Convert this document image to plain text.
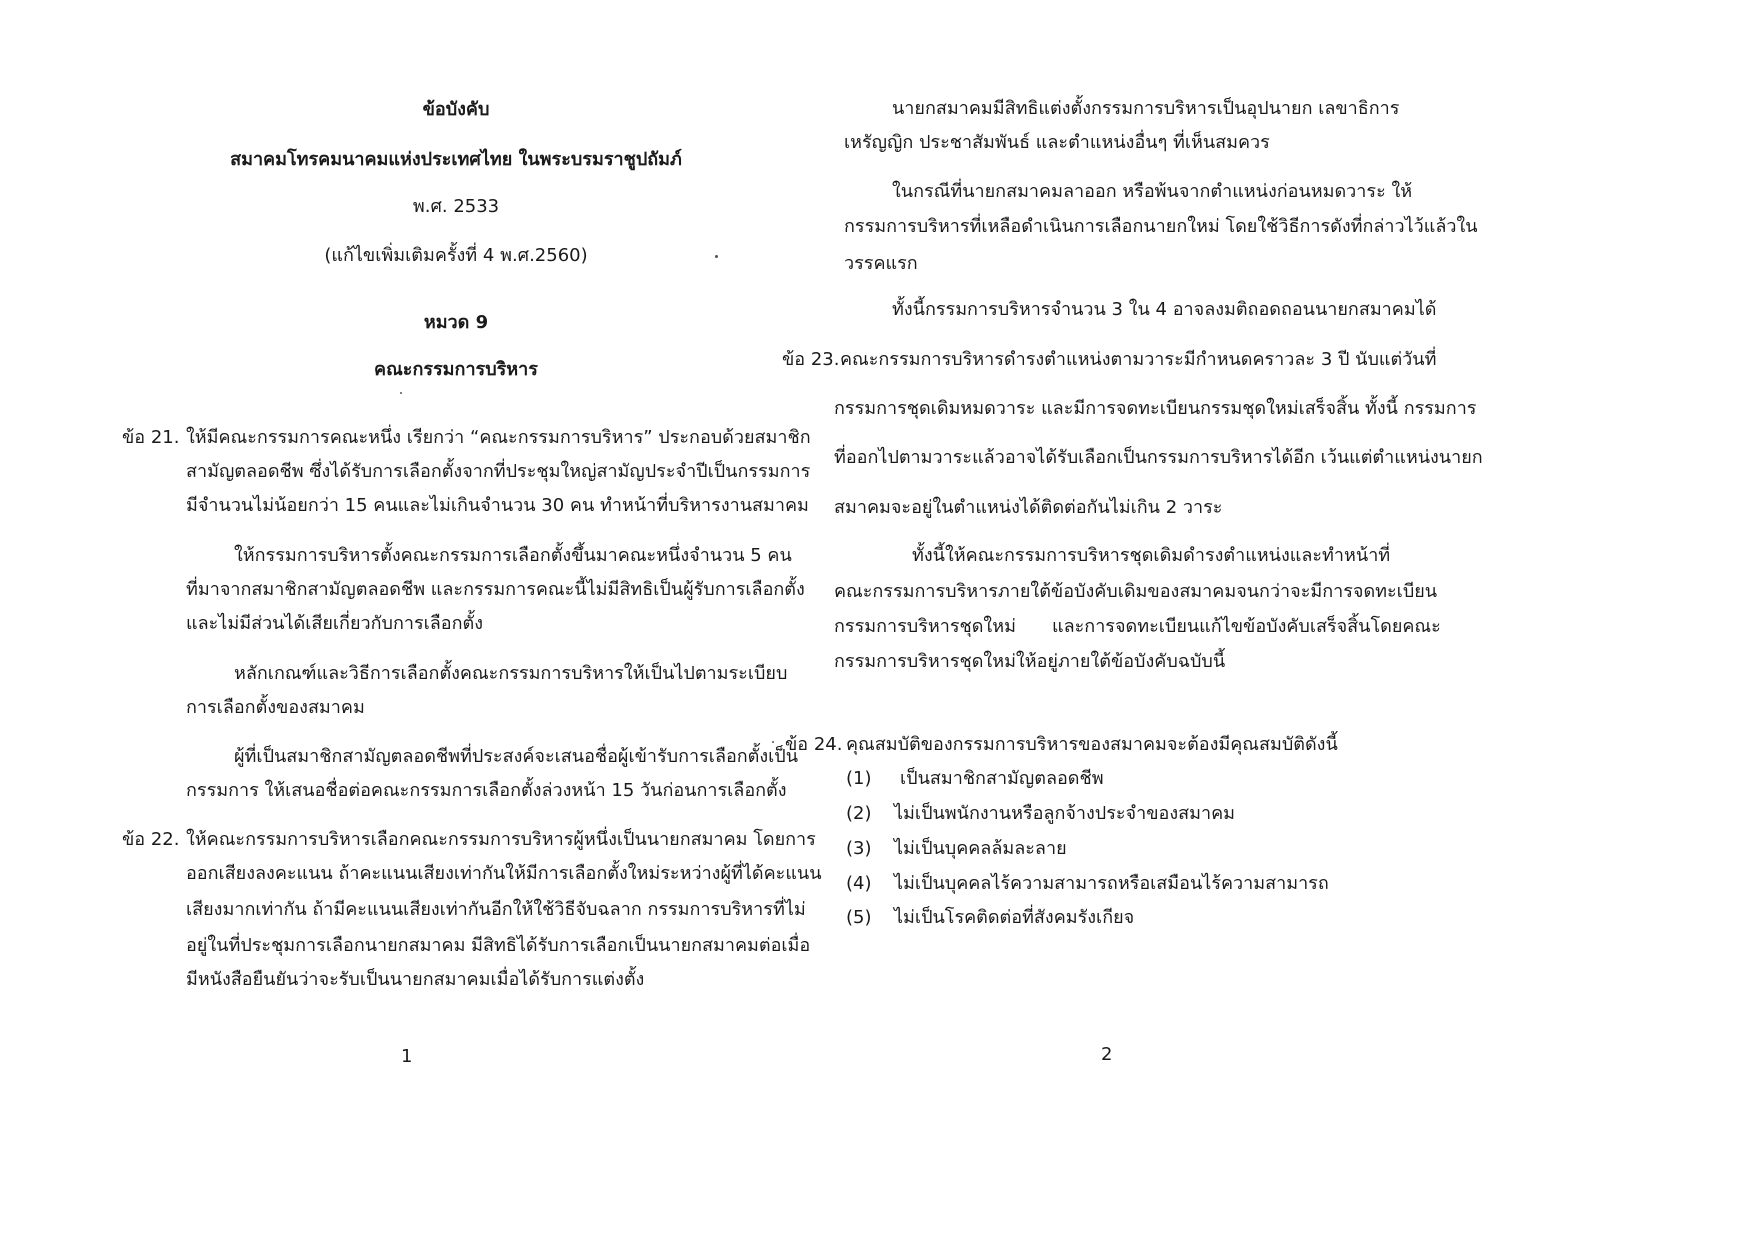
ข้อบังคับ
สมาคมโทรคมนาคมแห่งประเทศไทย ในพระบรมราชูปถัมภ์
พ.ศ. 2533
(แก้ไขเพิ่มเติมครั้งที่ 4 พ.ศ.2560)
หมวด 9
คณะกรรมการบริหาร
ข้อ 21. ให้มีคณะกรรมการคณะหนึ่ง เรียกว่า “คณะกรรมการบริหาร” ประกอบด้วยสมาชิก
สามัญตลอดชีพ ซึ่งได้รับการเลือกตั้งจากที่ประชุมใหญ่สามัญประจำปีเป็นกรรมการ
มีจำนวนไม่น้อยกว่า 15 คนและไม่เกินจำนวน 30 คน ทำหน้าที่บริหารงานสมาคม
ให้กรรมการบริหารตั้งคณะกรรมการเลือกตั้งขึ้นมาคณะหนึ่งจำนวน 5 คน
ที่มาจากสมาชิกสามัญตลอดชีพ และกรรมการคณะนี้ไม่มีสิทธิเป็นผู้รับการเลือกตั้ง
และไม่มีส่วนได้เสียเกี่ยวกับการเลือกตั้ง
หลักเกณฑ์และวิธีการเลือกตั้งคณะกรรมการบริหารให้เป็นไปตามระเบียบ
การเลือกตั้งของสมาคม
ผู้ที่เป็นสมาชิกสามัญตลอดชีพที่ประสงค์จะเสนอชื่อผู้เข้ารับการเลือกตั้งเป็น
กรรมการ ให้เสนอชื่อต่อคณะกรรมการเลือกตั้งล่วงหน้า 15 วันก่อนการเลือกตั้ง
ข้อ 22. ให้คณะกรรมการบริหารเลือกคณะกรรมการบริหารผู้หนึ่งเป็นนายกสมาคม โดยการ
ออกเสียงลงคะแนน ถ้าคะแนนเสียงเท่ากันให้มีการเลือกตั้งใหม่ระหว่างผู้ที่ได้คะแนน
เสียงมากเท่ากัน ถ้ามีคะแนนเสียงเท่ากันอีกให้ใช้วิธีจับฉลาก กรรมการบริหารที่ไม่
อยู่ในที่ประชุมการเลือกนายกสมาคม มีสิทธิได้รับการเลือกเป็นนายกสมาคมต่อเมื่อ
มีหนังสือยืนยันว่าจะรับเป็นนายกสมาคมเมื่อได้รับการแต่งตั้ง
1
นายกสมาคมมีสิทธิแต่งตั้งกรรมการบริหารเป็นอุปนายก เลขาธิการ
เหรัญญิก ประชาสัมพันธ์ และตำแหน่งอื่นๆ ที่เห็นสมควร
ในกรณีที่นายกสมาคมลาออก หรือพ้นจากตำแหน่งก่อนหมดวาระ ให้
กรรมการบริหารที่เหลือดำเนินการเลือกนายกใหม่ โดยใช้วิธีการดังที่กล่าวไว้แล้วใน
วรรคแรก
ทั้งนี้กรรมการบริหารจำนวน 3 ใน 4 อาจลงมติถอดถอนนายกสมาคมได้
ข้อ 23. คณะกรรมการบริหารดำรงตำแหน่งตามวาระมีกำหนดคราวละ 3 ปี นับแต่วันที่
กรรมการชุดเดิมหมดวาระ และมีการจดทะเบียนกรรมชุดใหม่เสร็จสิ้น ทั้งนี้ กรรมการ
ที่ออกไปตามวาระแล้วอาจได้รับเลือกเป็นกรรมการบริหารได้อีก เว้นแต่ตำแหน่งนายก
สมาคมจะอยู่ในตำแหน่งได้ติดต่อกันไม่เกิน 2 วาระ
ทั้งนี้ให้คณะกรรมการบริหารชุดเดิมดำรงตำแหน่งและทำหน้าที่
คณะกรรมการบริหารภายใต้ข้อบังคับเดิมของสมาคมจนกว่าจะมีการจดทะเบียน
กรรมการบริหารชุดใหม่ และการจดทะเบียนแก้ไขข้อบังคับเสร็จสิ้นโดยคณะ
กรรมการบริหารชุดใหม่ให้อยู่ภายใต้ข้อบังคับฉบับนี้
ข้อ 24. คุณสมบัติของกรรมการบริหารของสมาคมจะต้องมีคุณสมบัติดังนี้
(1) เป็นสมาชิกสามัญตลอดชีพ
(2) ไม่เป็นพนักงานหรือลูกจ้างประจำของสมาคม
(3) ไม่เป็นบุคคลล้มละลาย
(4) ไม่เป็นบุคคลไร้ความสามารถหรือเสมือนไร้ความสามารถ
(5) ไม่เป็นโรคติดต่อที่สังคมรังเกียจ
2
